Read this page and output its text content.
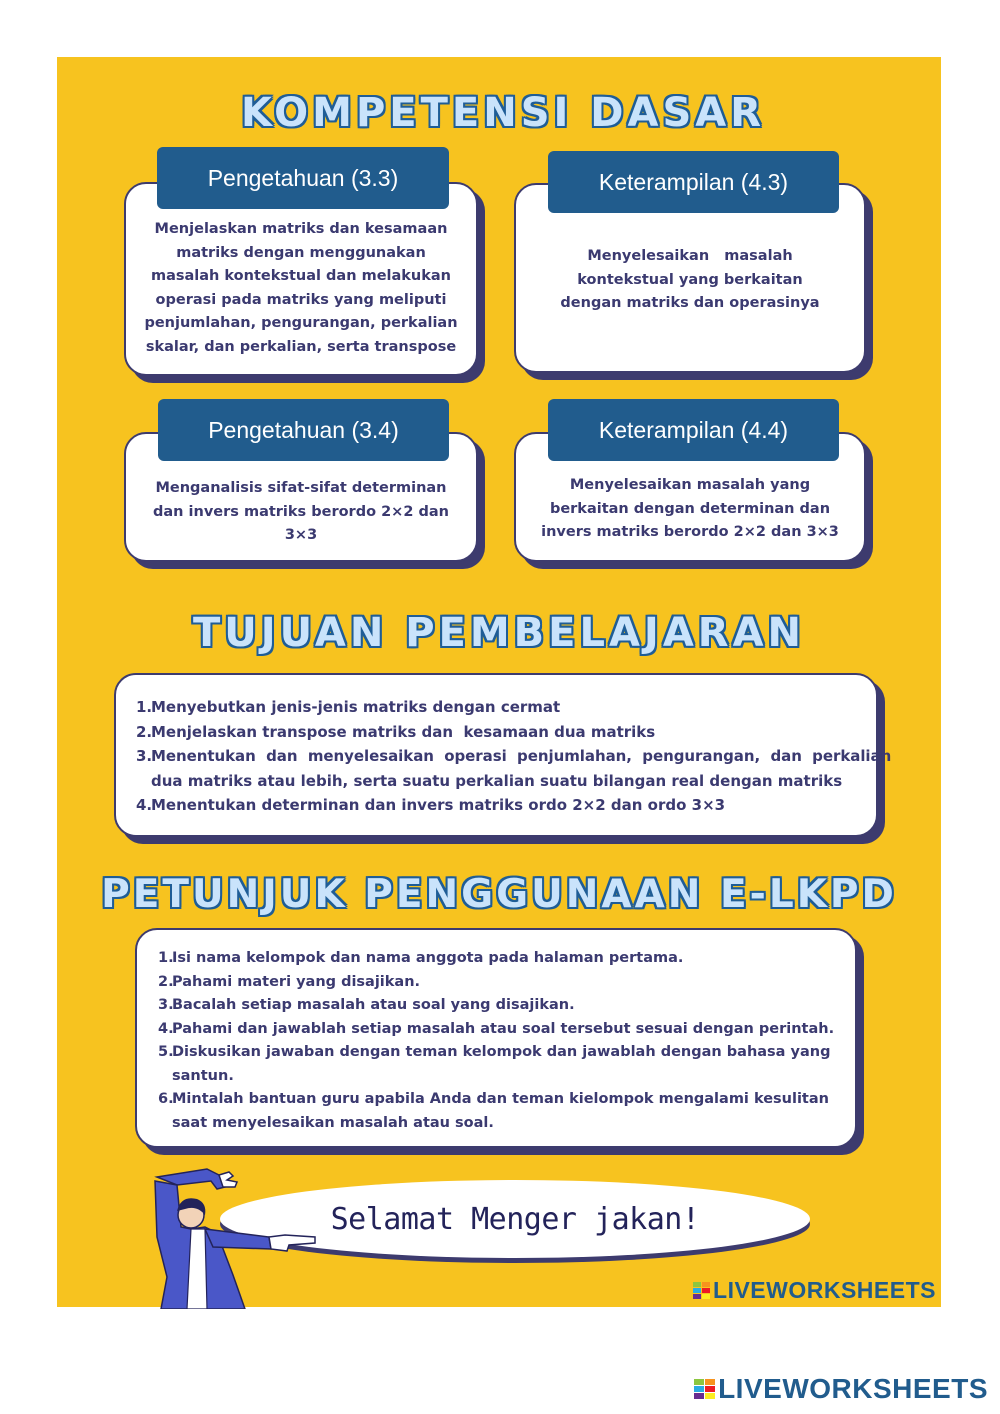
KOMPETENSI DASAR
Menjelaskan matriks dan kesamaan
matriks dengan menggunakan
masalah kontekstual dan melakukan
operasi pada matriks yang meliputi
penjumlahan, pengurangan, perkalian
skalar, dan perkalian, serta transpose
Pengetahuan (3.3)
Menyelesaikan   masalah
kontekstual yang berkaitan
dengan matriks dan operasinya
Keterampilan (4.3)
Menganalisis sifat-sifat determinan
dan invers matriks berordo 2×2 dan
3×3
Pengetahuan (3.4)
Menyelesaikan masalah yang
berkaitan dengan determinan dan
invers matriks berordo 2×2 dan 3×3
Keterampilan (4.4)
TUJUAN PEMBELAJARAN
1.
Menyebutkan jenis-jenis matriks dengan cermat
2.
Menjelaskan transpose matriks dan  kesamaan dua matriks
3.
Menentukan  dan  menyelesaikan  operasi  penjumlahan,  pengurangan,  dan  perkalian
dua matriks atau lebih, serta suatu perkalian suatu bilangan real dengan matriks
4.
Menentukan determinan dan invers matriks ordo 2×2 dan ordo 3×3
PETUNJUK PENGGUNAAN E-LKPD
1.
Isi nama kelompok dan nama anggota pada halaman pertama.
2.
Pahami materi yang disajikan.
3.
Bacalah setiap masalah atau soal yang disajikan.
4.
Pahami dan jawablah setiap masalah atau soal tersebut sesuai dengan perintah.
5.
Diskusikan jawaban dengan teman kelompok dan jawablah dengan bahasa yang
santun.
6.
Mintalah bantuan guru apabila Anda dan teman kielompok mengalami kesulitan
saat menyelesaikan masalah atau soal.
Selamat Menger jakan!
LIVEWORKSHEETS
LIVEWORKSHEETS
